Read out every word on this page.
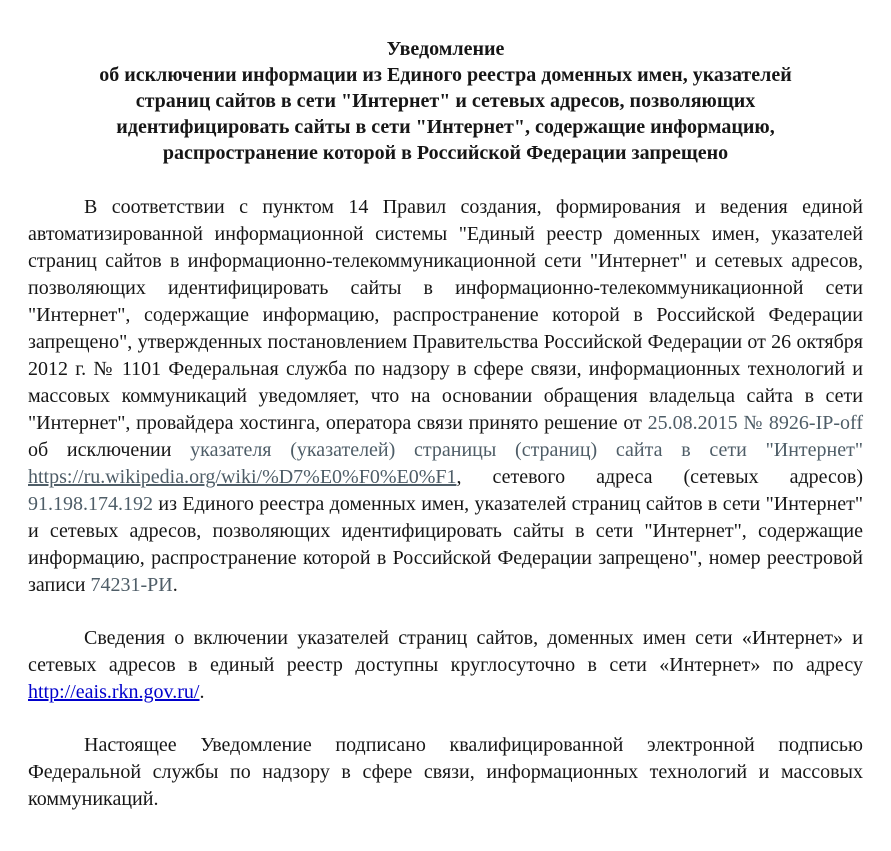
Уведомление
об исключении информации из Единого реестра доменных имен, указателей страниц сайтов в сети "Интернет" и сетевых адресов, позволяющих идентифицировать сайты в сети "Интернет", содержащие информацию, распространение которой в Российской Федерации запрещено

В соответствии с пунктом 14 Правил создания, формирования и ведения единой автоматизированной информационной системы "Единый реестр доменных имен, указателей страниц сайтов в информационно-телекоммуникационной сети "Интернет" и сетевых адресов, позволяющих идентифицировать сайты в информационно-телекоммуникационной сети "Интернет", содержащие информацию, распространение которой в Российской Федерации запрещено", утвержденных постановлением Правительства Российской Федерации от 26 октября 2012 г. № 1101 Федеральная служба по надзору в сфере связи, информационных технологий и массовых коммуникаций уведомляет, что на основании обращения владельца сайта в сети "Интернет", провайдера хостинга, оператора связи принято решение от 25.08.2015 № 8926-IP-off об исключении указателя (указателей) страницы (страниц) сайта в сети "Интернет" https://ru.wikipedia.org/wiki/%D7%E0%F0%E0%F1, сетевого адреса (сетевых адресов) 91.198.174.192 из Единого реестра доменных имен, указателей страниц сайтов в сети "Интернет" и сетевых адресов, позволяющих идентифицировать сайты в сети "Интернет", содержащие информацию, распространение которой в Российской Федерации запрещено", номер реестровой записи 74231-РИ.

Сведения о включении указателей страниц сайтов, доменных имен сети «Интернет» и сетевых адресов в единый реестр доступны круглосуточно в сети «Интернет» по адресу http://eais.rkn.gov.ru/.

Настоящее Уведомление подписано квалифицированной электронной подписью Федеральной службы по надзору в сфере связи, информационных технологий и массовых коммуникаций.
